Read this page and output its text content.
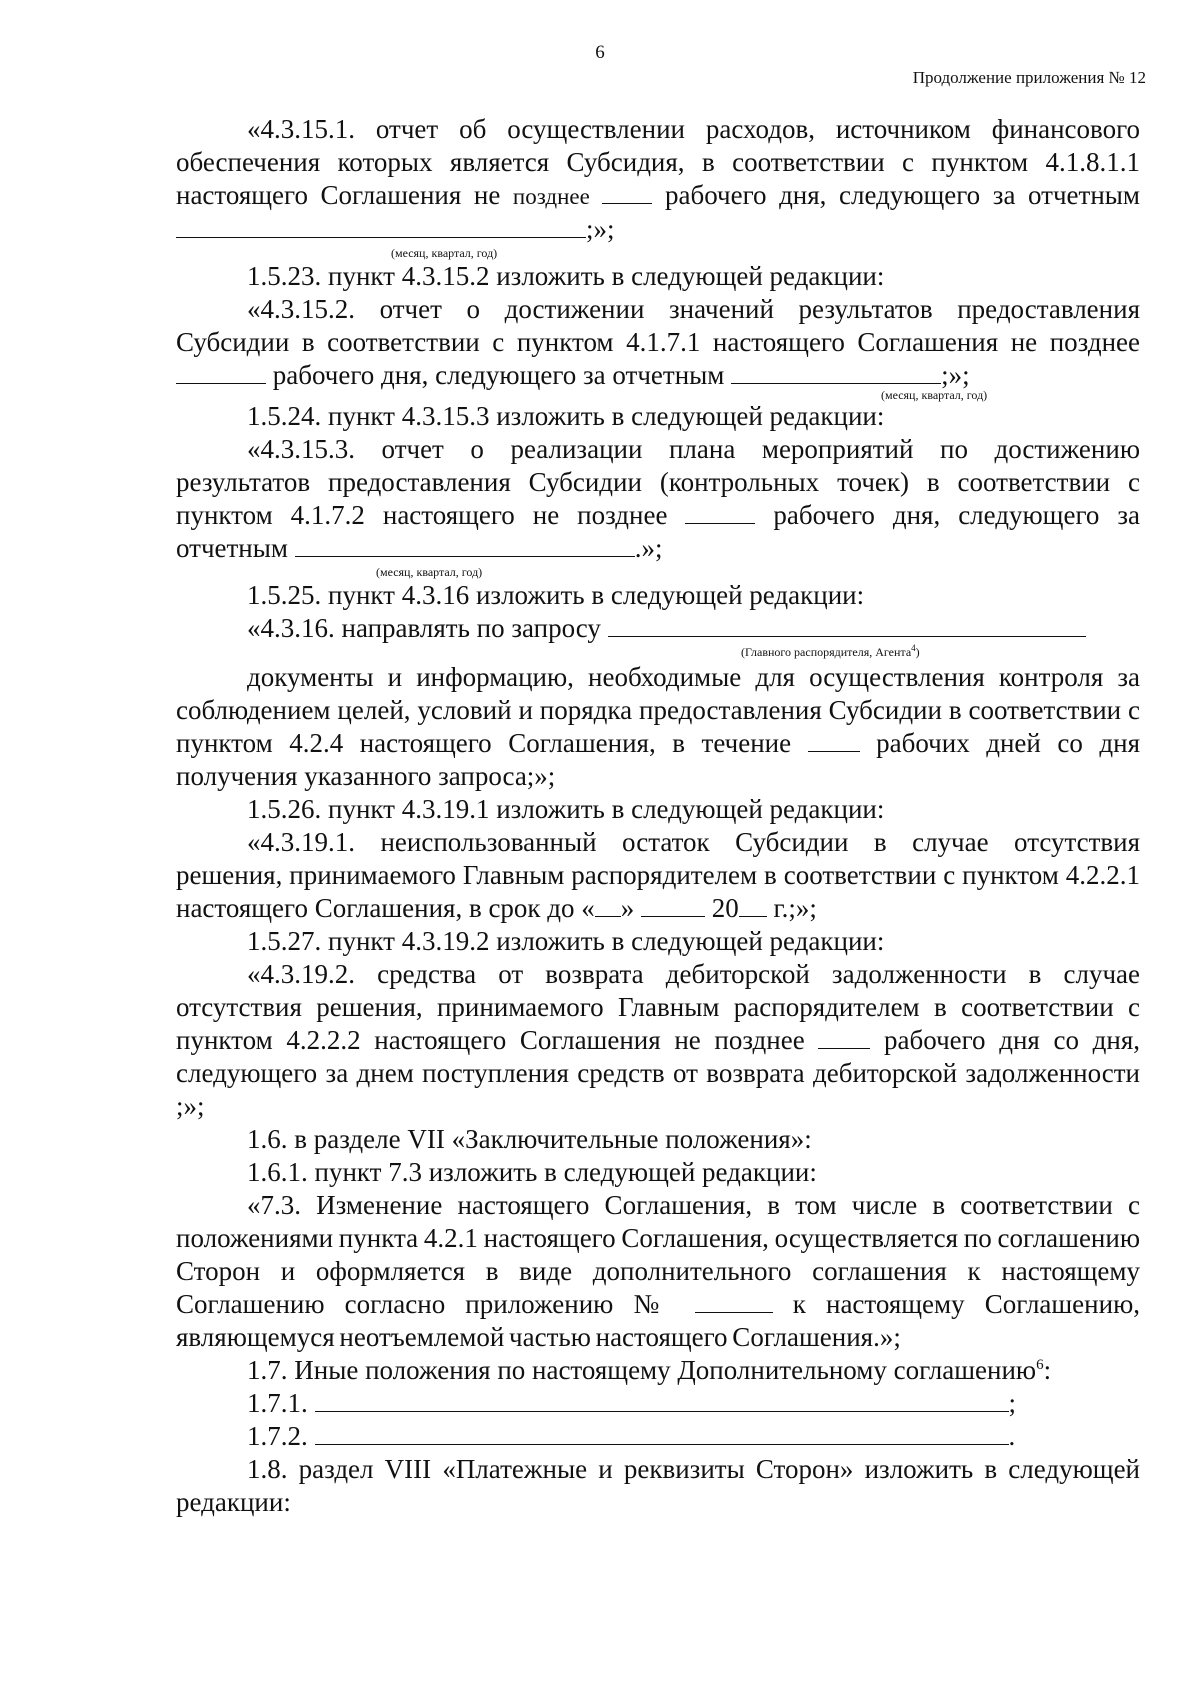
6
Продолжение приложения № 12

«4.3.15.1. отчет об осуществлении расходов, источником финансового обеспечения которых является Субсидия, в соответствии с пунктом 4.1.8.1.1 настоящего Соглашения не позднее  рабочего дня, следующего за отчетным;»;

(месяц, квартал, год)

1.5.23. пункт 4.3.15.2 изложить в следующей редакции:

«4.3.15.2. отчет о достижении значений результатов предоставления Субсидии в соответствии с пунктом 4.1.7.1 настоящего Соглашения не позднее  рабочего дня, следующего за отчетным	;»;

(месяц, квартал, год)

1.5.24. пункт 4.3.15.3 изложить в следующей редакции:

«4.3.15.3. отчет о реализации плана мероприятий по достижению результатов предоставления Субсидии (контрольных точек) в соответствии с пунктом 4.1.7.2 настоящего не позднее	рабочего дня, следующего за отчетным	.»;

(месяц, квартал, год)

1.5.25. пункт 4.3.16 изложить в следующей редакции:

«4.3.16. направлять по запросу

(Главного распорядителя, Агента$^4$)

документы и информацию, необходимые для осуществления контроля за соблюдением целей, условий и порядка предоставления Субсидии в соответствии с пунктом 4.2.4 настоящего Соглашения, в течение  рабочих дней со дня получения указанного запроса;»;

1.5.26. пункт 4.3.19.1 изложить в следующей редакции:

«4.3.19.1. неиспользованный остаток Субсидии в случае отсутствия решения, принимаемого Главным распорядителем в соответствии с пунктом 4.2.2.1 настоящего Соглашения, в срок до « »  20 г.;»;

1.5.27. пункт 4.3.19.2 изложить в следующей редакции:

«4.3.19.2. средства от возврата дебиторской задолженности в случае отсутствия решения, принимаемого Главным распорядителем в соответствии с пунктом 4.2.2.2 настоящего Соглашения не позднее  рабочего дня со дня, следующего за днем поступления средств от возврата дебиторской задолженности ;»;

1.6. в разделе VII «Заключительные положения»:

1.6.1. пункт 7.3 изложить в следующей редакции:

«7.3. Изменение настоящего Соглашения, в том числе в соответствии с положениями пункта 4.2.1 настоящего Соглашения, осуществляется по соглашению Сторон и оформляется в виде дополнительного соглашения к настоящему Соглашению согласно приложению №	к настоящему Соглашению, являющемуся неотъемлемой частью настоящего Соглашения.»;

1.7. Иные положения по настоящему Дополнительному соглашению$^6$:

1.7.1.	;

1.7.2.	.

1.8. раздел VIII «Платежные и реквизиты Сторон» изложить в следующей редакции:
